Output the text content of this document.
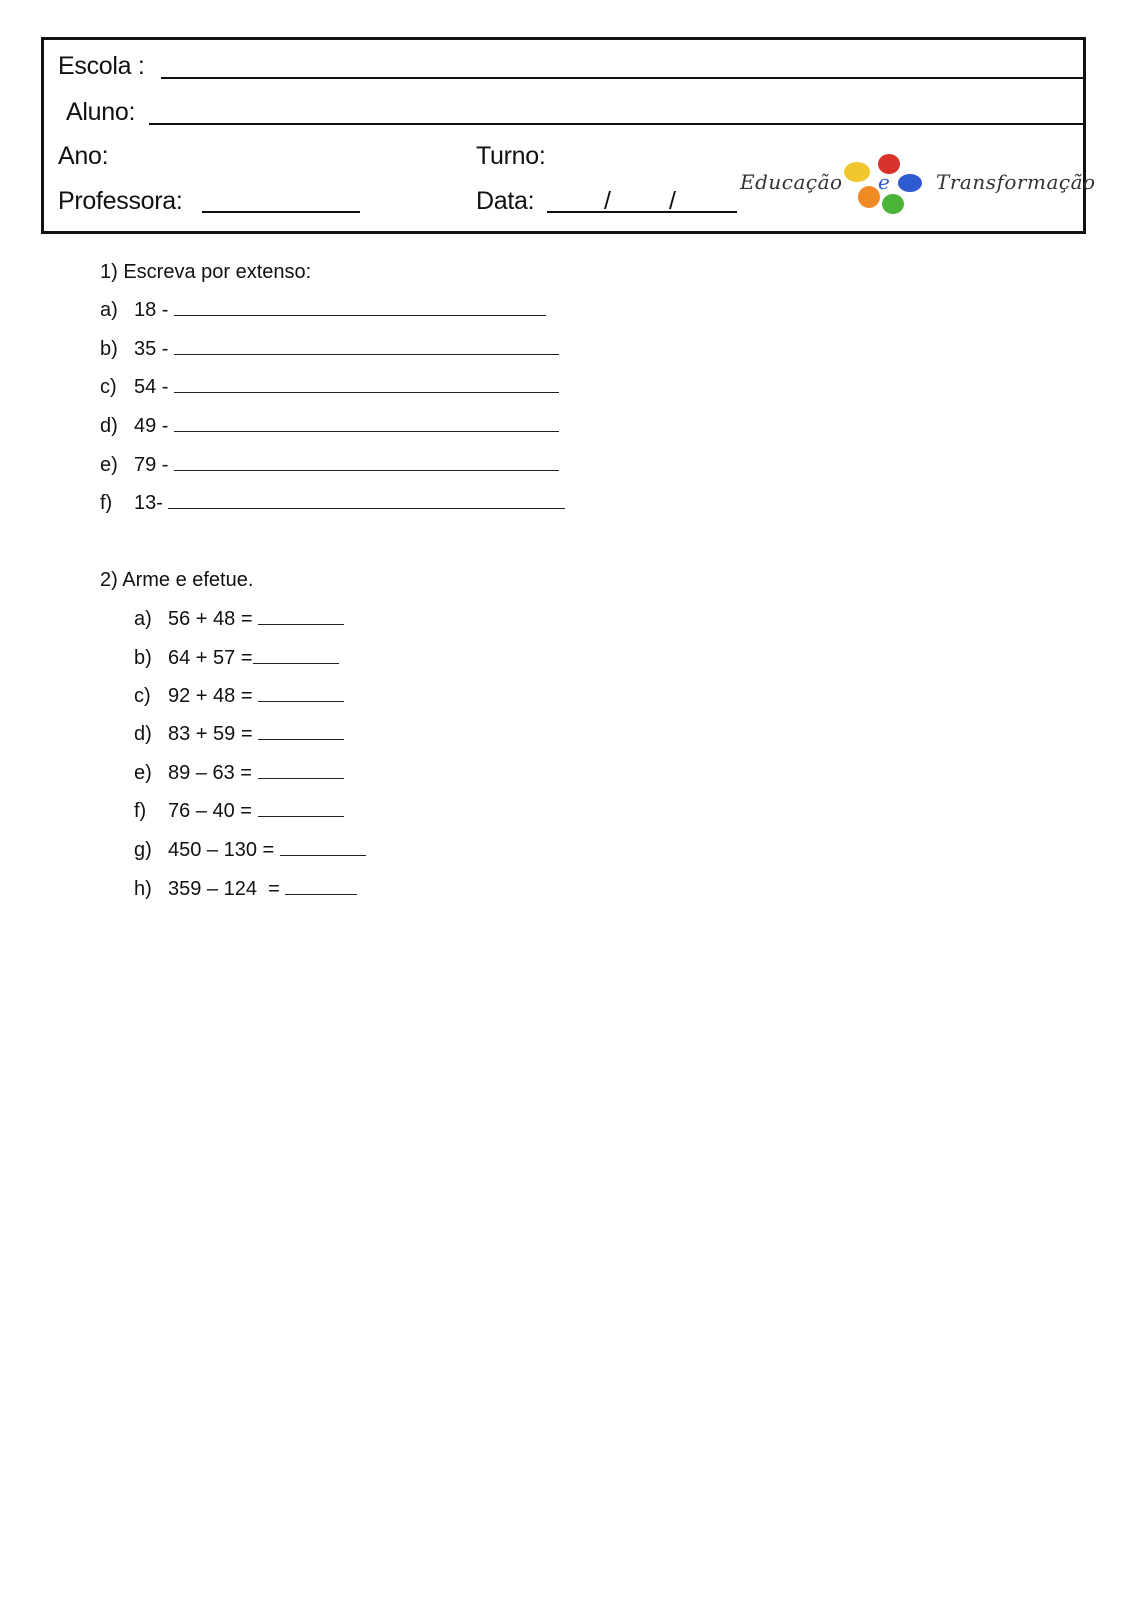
Escola :
Aluno:
Ano:	Turno:
Professora:	Data:	/ /
Educação e Transformação
1) Escreva por extenso:
a) 18 -
b) 35 -
c) 54 -
d) 49 -
e) 79 -
f) 13-
2) Arme e efetue.
a) 56 + 48 =
b) 64 + 57 =
c) 92 + 48 =
d) 83 + 59 =
e) 89 – 63 =
f) 76 – 40 =
g) 450 – 130 =
h) 359 – 124  =
